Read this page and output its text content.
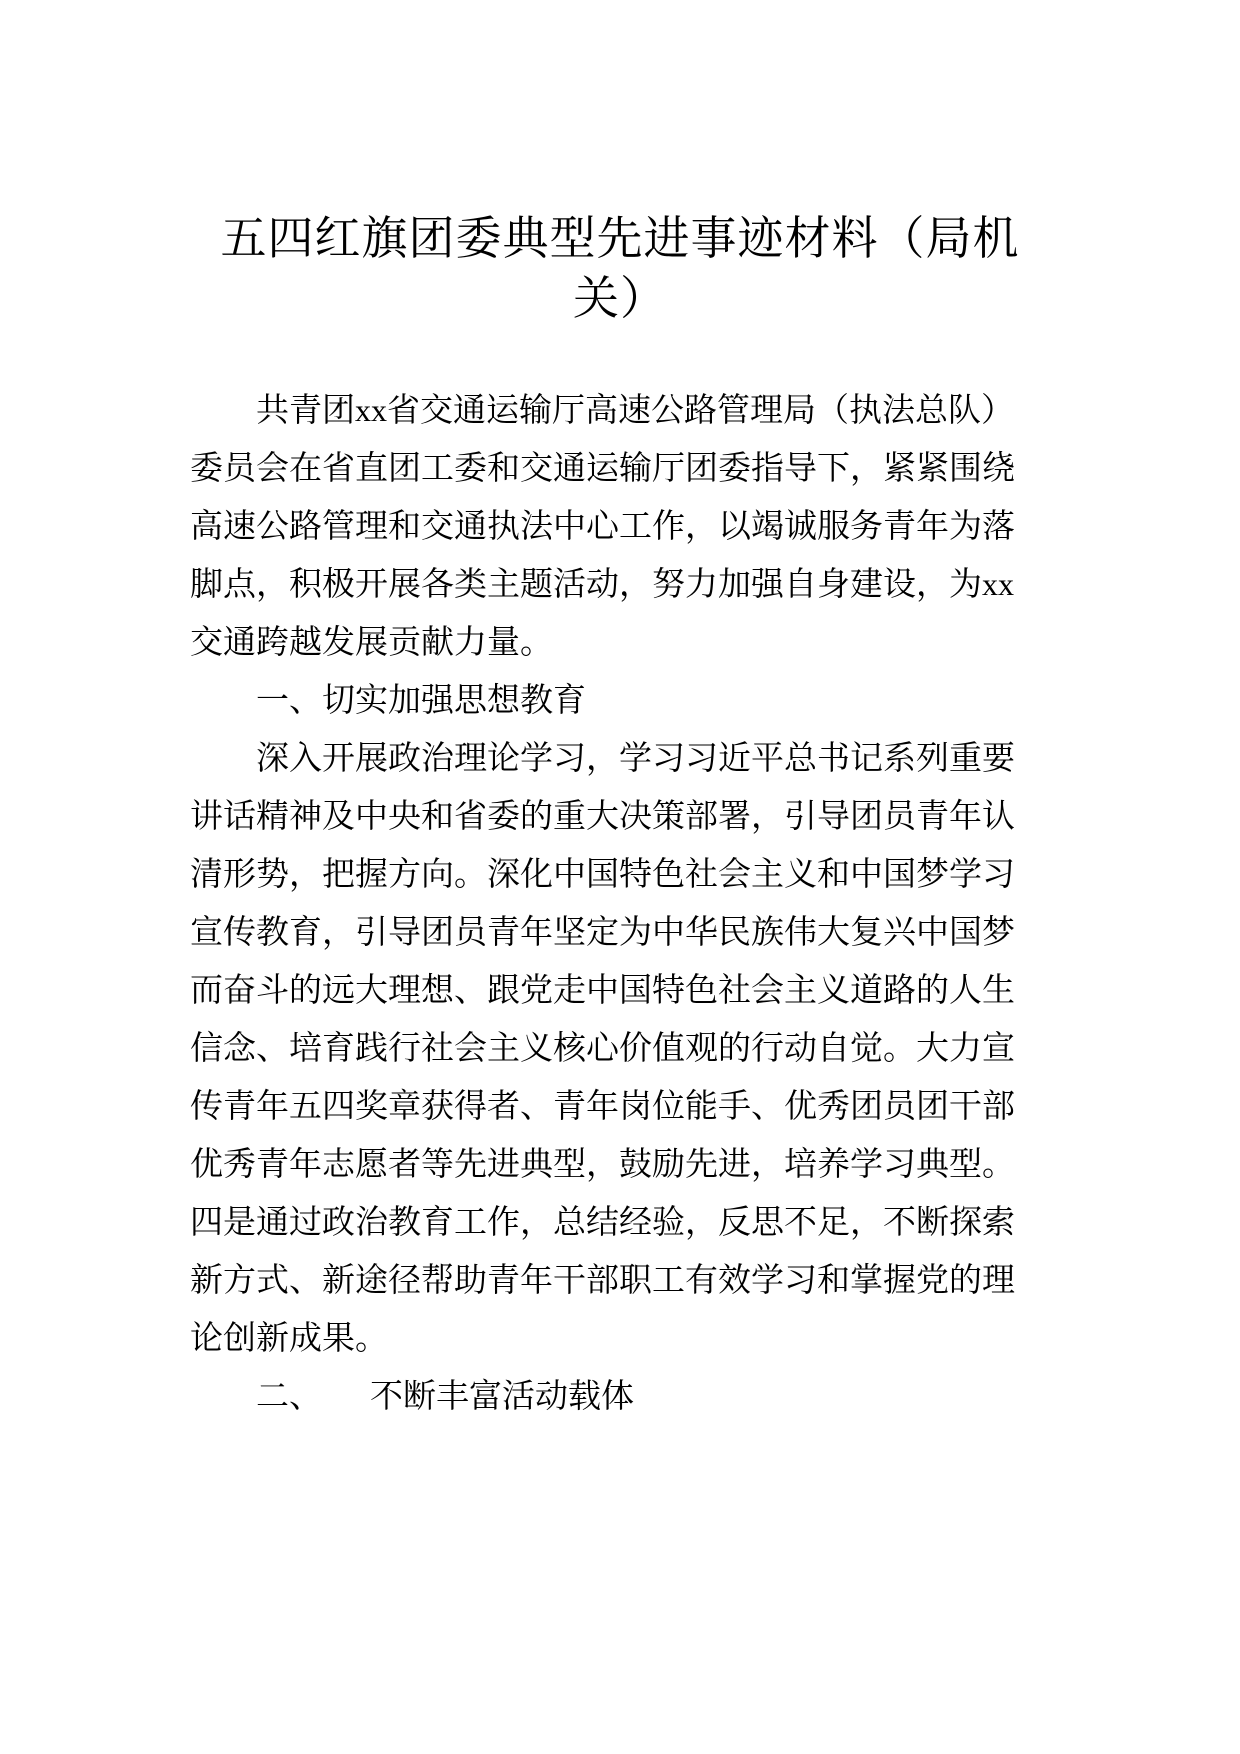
五四红旗团委典型先进事迹材料（局机
关）

共青团xx省交通运输厅高速公路管理局（执法总队）

委员会在省直团工委和交通运输厅团委指导下，紧紧围绕

高速公路管理和交通执法中心工作，以竭诚服务青年为落

脚点，积极开展各类主题活动，努力加强自身建设，为xx

交通跨越发展贡献力量。

一、切实加强思想教育

深入开展政治理论学习，学习习近平总书记系列重要

讲话精神及中央和省委的重大决策部署，引导团员青年认

清形势，把握方向。深化中国特色社会主义和中国梦学习

宣传教育，引导团员青年坚定为中华民族伟大复兴中国梦

而奋斗的远大理想、跟党走中国特色社会主义道路的人生

信念、培育践行社会主义核心价值观的行动自觉。大力宣

传青年五四奖章获得者、青年岗位能手、优秀团员团干部

优秀青年志愿者等先进典型，鼓励先进，培养学习典型。

四是通过政治教育工作，总结经验，反思不足，不断探索

新方式、新途径帮助青年干部职工有效学习和掌握党的理

论创新成果。

二、 不断丰富活动载体
